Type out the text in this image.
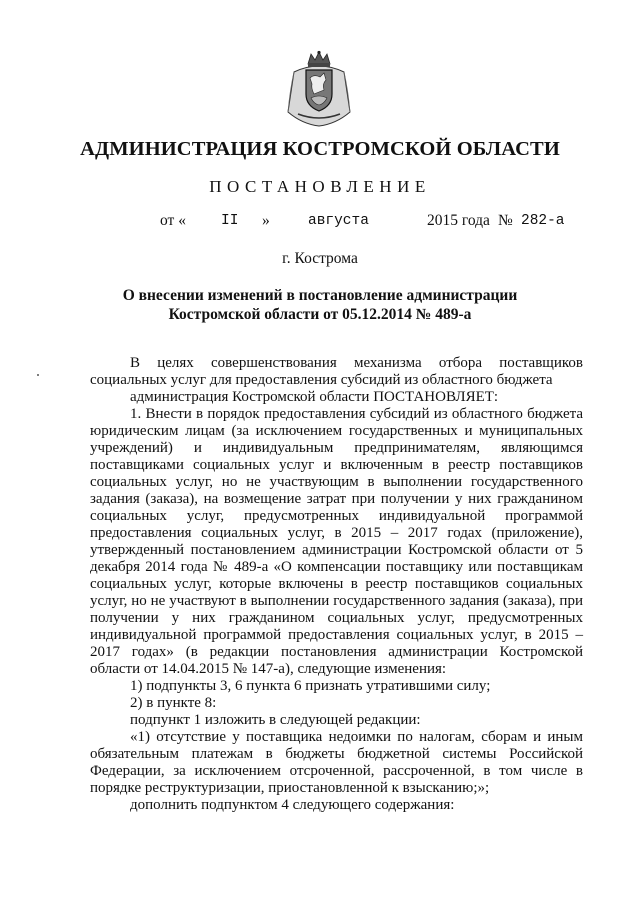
АДМИНИСТРАЦИЯ КОСТРОМСКОЙ ОБЛАСТИ
ПОСТАНОВЛЕНИЕ
от « II »	августа	2015 года № 282-а
г. Кострома
О внесении изменений в постановление администрации
Костромской области от 05.12.2014 № 489-а

В целях совершенствования механизма отбора поставщиков социальных услуг для предоставления субсидий из областного бюджета

администрация Костромской области ПОСТАНОВЛЯЕТ:

1. Внести в порядок предоставления субсидий из областного бюджета юридическим лицам (за исключением государственных и муниципальных учреждений) и индивидуальным предпринимателям, являющимся поставщиками социальных услуг и включенным в реестр поставщиков социальных услуг, но не участвующим в выполнении государственного задания (заказа), на возмещение затрат при получении у них гражданином социальных услуг, предусмотренных индивидуальной программой предоставления социальных услуг, в 2015 – 2017 годах (приложение), утвержденный постановлением администрации Костромской области от 5 декабря 2014 года № 489-а «О компенсации поставщику или поставщикам социальных услуг, которые включены в реестр поставщиков социальных услуг, но не участвуют в выполнении государственного задания (заказа), при получении у них гражданином социальных услуг, предусмотренных индивидуальной программой предоставления социальных услуг, в 2015 – 2017 годах» (в редакции постановления администрации Костромской области от 14.04.2015 № 147-а), следующие изменения:

1) подпункты 3, 6 пункта 6 признать утратившими силу;

2) в пункте 8:

подпункт 1 изложить в следующей редакции:

«1) отсутствие у поставщика недоимки по налогам, сборам и иным обязательным платежам в бюджеты бюджетной системы Российской Федерации, за исключением отсроченной, рассроченной, в том числе в порядке реструктуризации, приостановленной к взысканию;»;

дополнить подпунктом 4 следующего содержания:
